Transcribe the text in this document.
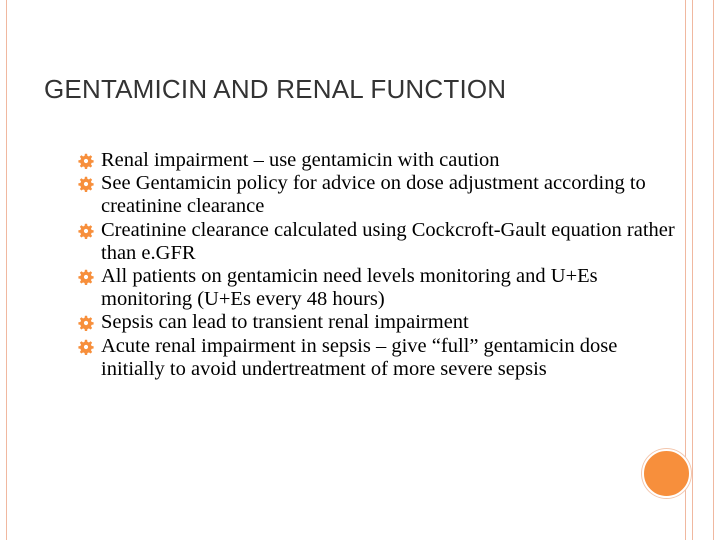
GENTAMICIN AND RENAL FUNCTION
Renal impairment – use gentamicin with caution
See Gentamicin policy for advice on dose adjustment according to creatinine clearance
Creatinine clearance calculated using Cockcroft-Gault equation rather than e.GFR
All patients on gentamicin need levels monitoring and U+Es monitoring (U+Es every 48 hours)
Sepsis can lead to transient renal impairment
Acute renal impairment in sepsis – give “full” gentamicin dose initially to avoid undertreatment of more severe sepsis
